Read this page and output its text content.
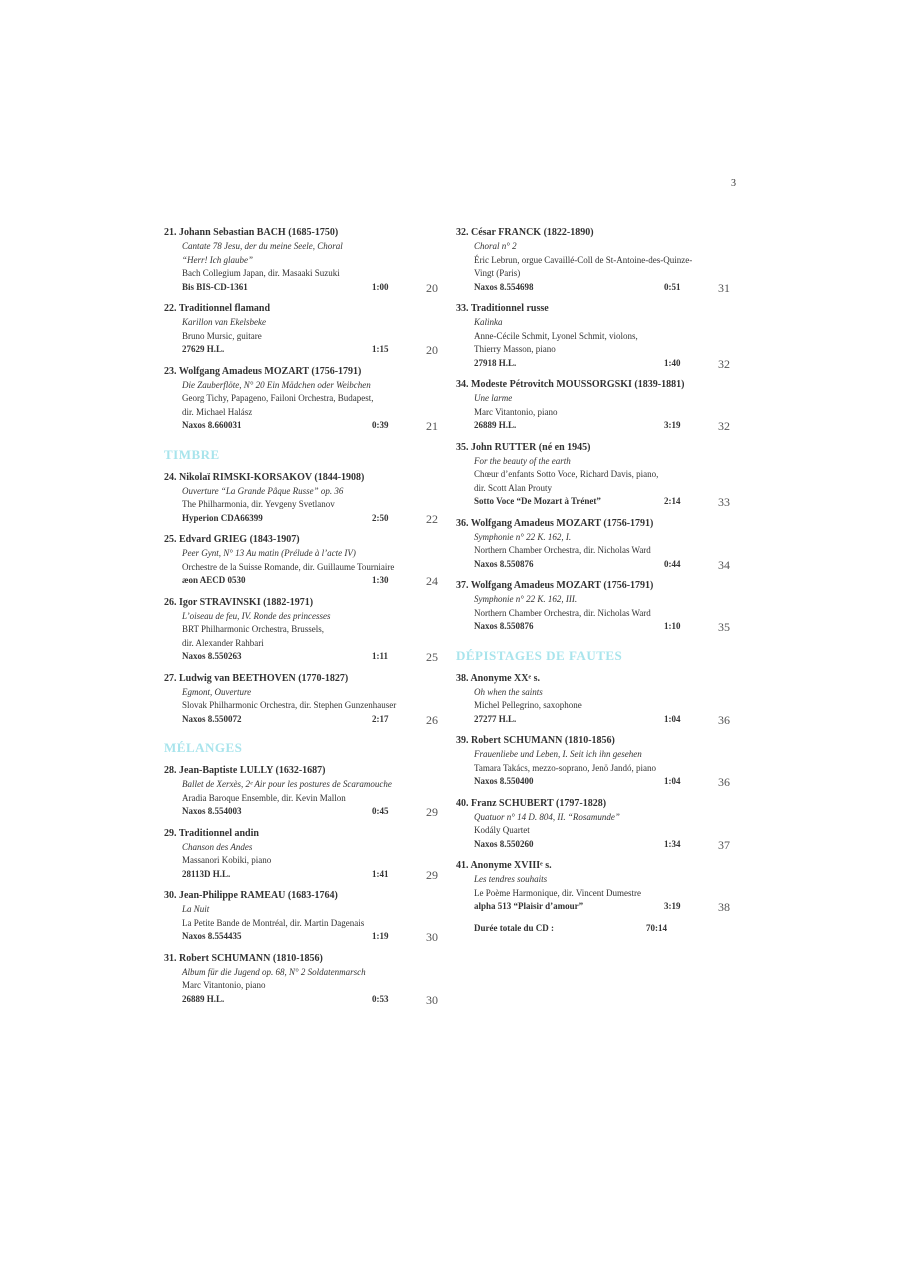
3
21. Johann Sebastian BACH (1685-1750)
Cantate 78 Jesu, der du meine Seele, Choral
“Herr! Ich glaube”
Bach Collegium Japan, dir. Masaaki Suzuki
Bis BIS-CD-1361	1:00	20
22. Traditionnel flamand
Karillon van Ekelsbeke
Bruno Mursic, guitare
27629 H.L.	1:15	20
23. Wolfgang Amadeus MOZART (1756-1791)
Die Zauberflöte, N° 20 Ein Mädchen oder Weibchen
Georg Tichy, Papageno, Failoni Orchestra, Budapest,
dir. Michael Halász
Naxos 8.660031	0:39	21
TIMBRE
24. Nikolaï RIMSKI-KORSAKOV (1844-1908)
Ouverture “La Grande Pâque Russe” op. 36
The Philharmonia, dir. Yevgeny Svetlanov
Hyperion CDA66399	2:50	22
25. Edvard GRIEG (1843-1907)
Peer Gynt, N° 13 Au matin (Prélude à l’acte IV)
Orchestre de la Suisse Romande, dir. Guillaume Tourniaire
æon AECD 0530	1:30	24
26. Igor STRAVINSKI (1882-1971)
L’oiseau de feu, IV. Ronde des princesses
BRT Philharmonic Orchestra, Brussels,
dir. Alexander Rahbari
Naxos 8.550263	1:11	25
27. Ludwig van BEETHOVEN (1770-1827)
Egmont, Ouverture
Slovak Philharmonic Orchestra, dir. Stephen Gunzenhauser
Naxos 8.550072	2:17	26
MÉLANGES
28. Jean-Baptiste LULLY (1632-1687)
Ballet de Xerxès, 2ᵉ Air pour les postures de Scaramouche
Aradia Baroque Ensemble, dir. Kevin Mallon
Naxos 8.554003	0:45	29
29. Traditionnel andin
Chanson des Andes
Massanori Kobiki, piano
28113D H.L.	1:41	29
30. Jean-Philippe RAMEAU (1683-1764)
La Nuit
La Petite Bande de Montréal, dir. Martin Dagenais
Naxos 8.554435	1:19	30
31. Robert SCHUMANN (1810-1856)
Album für die Jugend op. 68, N° 2 Soldatenmarsch
Marc Vitantonio, piano
26889 H.L.	0:53	30
32. César FRANCK (1822-1890)
Choral n° 2
Éric Lebrun, orgue Cavaillé-Coll de St-Antoine-des-Quinze-
Vingt (Paris)
Naxos 8.554698	0:51	31
33. Traditionnel russe
Kalinka
Anne-Cécile Schmit, Lyonel Schmit, violons,
Thierry Masson, piano
27918 H.L.	1:40	32
34. Modeste Pétrovitch MOUSSORGSKI (1839-1881)
Une larme
Marc Vitantonio, piano
26889 H.L.	3:19	32
35. John RUTTER (né en 1945)
For the beauty of the earth
Chœur d’enfants Sotto Voce, Richard Davis, piano,
dir. Scott Alan Prouty
Sotto Voce “De Mozart à Trénet”	2:14	33
36. Wolfgang Amadeus MOZART (1756-1791)
Symphonie n° 22 K. 162, I.
Northern Chamber Orchestra, dir. Nicholas Ward
Naxos 8.550876	0:44	34
37. Wolfgang Amadeus MOZART (1756-1791)
Symphonie n° 22 K. 162, III.
Northern Chamber Orchestra, dir. Nicholas Ward
Naxos 8.550876	1:10	35
DÉPISTAGES DE FAUTES
38. Anonyme XXᵉ s.
Oh when the saints
Michel Pellegrino, saxophone
27277 H.L.	1:04	36
39. Robert SCHUMANN (1810-1856)
Frauenliebe und Leben, I. Seit ich ihn gesehen
Tamara Takács, mezzo-soprano, Jenö Jandó, piano
Naxos 8.550400	1:04	36
40. Franz SCHUBERT (1797-1828)
Quatuor n° 14 D. 804, II. “Rosamunde”
Kodály Quartet
Naxos 8.550260	1:34	37
41. Anonyme XVIIIᵉ s.
Les tendres souhaits
Le Poème Harmonique, dir. Vincent Dumestre
alpha 513 “Plaisir d’amour”	3:19	38
Durée totale du CD :	70:14
